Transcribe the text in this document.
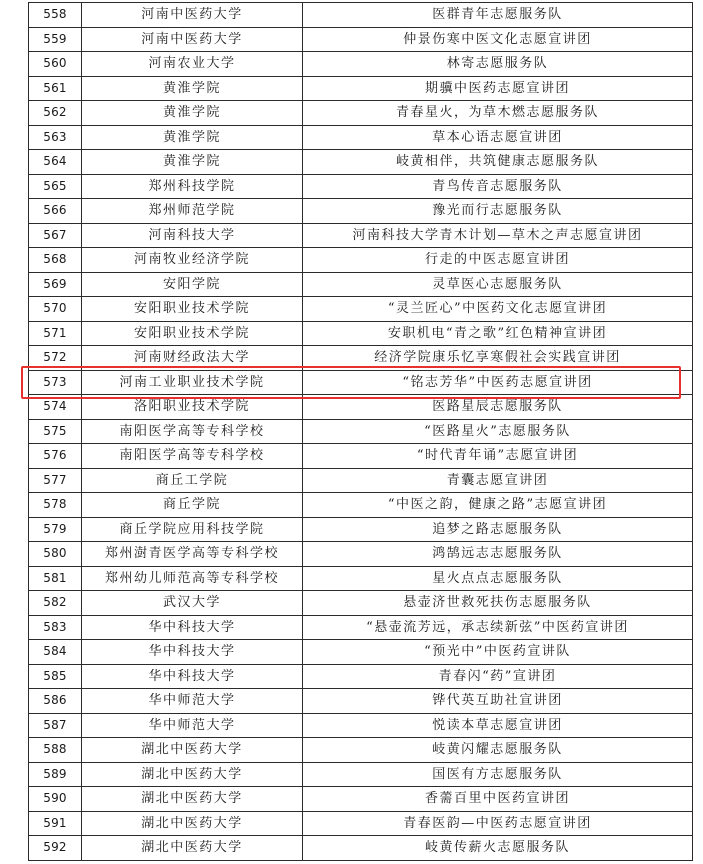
558	河南中医药大学	医群青年志愿服务队
559	河南中医药大学	仲景伤寒中医文化志愿宣讲团
560	河南农业大学	林寄志愿服务队
561	黄淮学院	期骥中医药志愿宣讲团
562	黄淮学院	青春星火，为草木燃志愿服务队
563	黄淮学院	草本心语志愿宣讲团
564	黄淮学院	岐黄相伴，共筑健康志愿服务队
565	郑州科技学院	青鸟传音志愿服务队
566	郑州师范学院	豫光而行志愿服务队
567	河南科技大学	河南科技大学青木计划—草木之声志愿宣讲团
568	河南牧业经济学院	行走的中医志愿宣讲团
569	安阳学院	灵草医心志愿服务队
570	安阳职业技术学院	“灵兰匠心”中医药文化志愿宣讲团
571	安阳职业技术学院	安职机电“青之歌”红色精神宣讲团
572	河南财经政法大学	经济学院康乐忆享寒假社会实践宣讲团
573	河南工业职业技术学院	“铭志芳华”中医药志愿宣讲团
574	洛阳职业技术学院	医路星辰志愿服务队
575	南阳医学高等专科学校	“医路星火”志愿服务队
576	南阳医学高等专科学校	“时代青年诵”志愿宣讲团
577	商丘工学院	青囊志愿宣讲团
578	商丘学院	“中医之韵，健康之路”志愿宣讲团
579	商丘学院应用科技学院	追梦之路志愿服务队
580	郑州澍青医学高等专科学校	鸿鹄远志志愿服务队
581	郑州幼儿师范高等专科学校	星火点点志愿服务队
582	武汉大学	悬壶济世救死扶伤志愿服务队
583	华中科技大学	“悬壶流芳远，承志续新弦”中医药宣讲团
584	华中科技大学	“预光中”中医药宣讲队
585	华中科技大学	青春闪“药”宣讲团
586	华中师范大学	铧代英互助社宣讲团
587	华中师范大学	悦读本草志愿宣讲团
588	湖北中医药大学	岐黄闪耀志愿服务队
589	湖北中医药大学	国医有方志愿服务队
590	湖北中医药大学	香薷百里中医药宣讲团
591	湖北中医药大学	青春医韵—中医药志愿宣讲团
592	湖北中医药大学	岐黄传薪火志愿服务队
